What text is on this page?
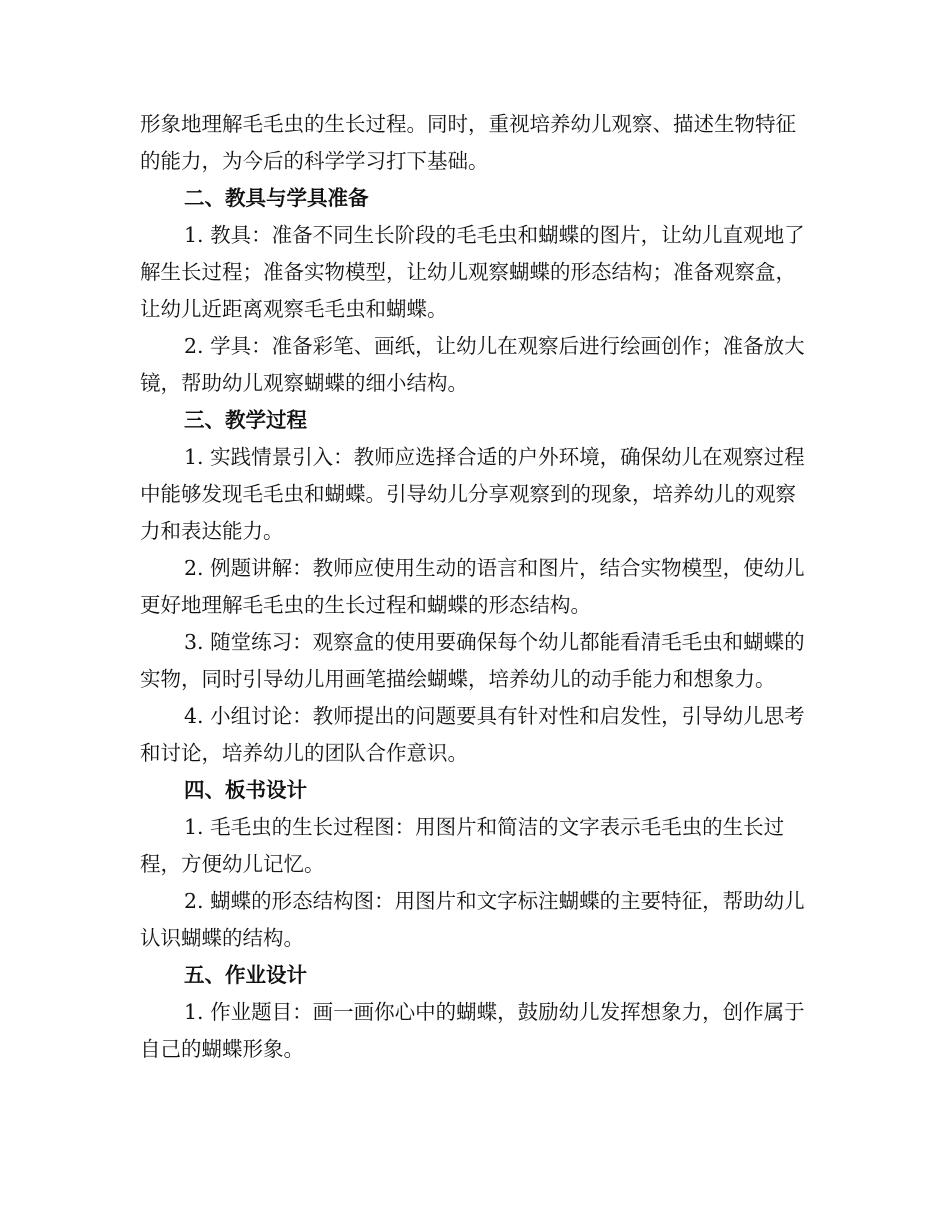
形象地理解毛毛虫的生长过程。同时，重视培养幼儿观察、描述生物特征的能力，为今后的科学学习打下基础。

二、教具与学具准备

1. 教具：准备不同生长阶段的毛毛虫和蝴蝶的图片，让幼儿直观地了解生长过程；准备实物模型，让幼儿观察蝴蝶的形态结构；准备观察盒，让幼儿近距离观察毛毛虫和蝴蝶。

2. 学具：准备彩笔、画纸，让幼儿在观察后进行绘画创作；准备放大镜，帮助幼儿观察蝴蝶的细小结构。

三、教学过程

1. 实践情景引入：教师应选择合适的户外环境，确保幼儿在观察过程中能够发现毛毛虫和蝴蝶。引导幼儿分享观察到的现象，培养幼儿的观察力和表达能力。

2. 例题讲解：教师应使用生动的语言和图片，结合实物模型，使幼儿更好地理解毛毛虫的生长过程和蝴蝶的形态结构。

3. 随堂练习：观察盒的使用要确保每个幼儿都能看清毛毛虫和蝴蝶的实物，同时引导幼儿用画笔描绘蝴蝶，培养幼儿的动手能力和想象力。

4. 小组讨论：教师提出的问题要具有针对性和启发性，引导幼儿思考和讨论，培养幼儿的团队合作意识。

四、板书设计

1. 毛毛虫的生长过程图：用图片和简洁的文字表示毛毛虫的生长过程，方便幼儿记忆。

2. 蝴蝶的形态结构图：用图片和文字标注蝴蝶的主要特征，帮助幼儿认识蝴蝶的结构。

五、作业设计

1. 作业题目：画一画你心中的蝴蝶，鼓励幼儿发挥想象力，创作属于自己的蝴蝶形象。
